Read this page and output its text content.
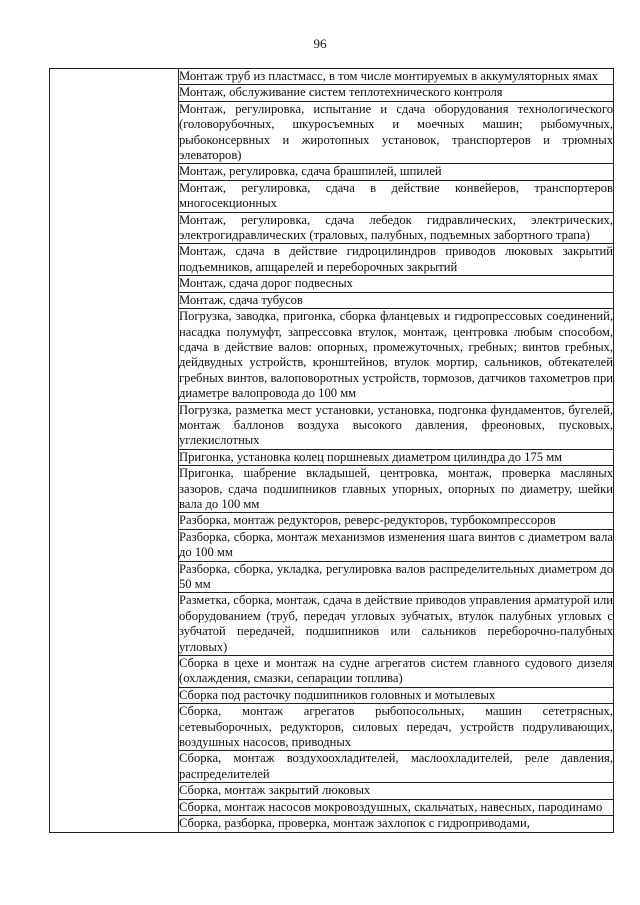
96
	Монтаж труб из пластмасс, в том числе монтируемых в аккумуляторных ямах
Монтаж, обслуживание систем теплотехнического контроля
Монтаж, регулировка, испытание и сдача оборудования технологического (головорубочных, шкуросъемных и моечных машин; рыбомучных, рыбоконсервных и жиротопных установок, транспортеров и трюмных элеваторов)
Монтаж, регулировка, сдача брашпилей, шпилей
Монтаж, регулировка, сдача в действие конвейеров, транспортеров многосекционных
Монтаж, регулировка, сдача лебедок гидравлических, электрических, электрогидравлических (траловых, палубных, подъемных забортного трапа)
Монтаж, сдача в действие гидроцилиндров приводов люковых закрытий подъемников, апщарелей и переборочных закрытий
Монтаж, сдача дорог подвесных
Монтаж, сдача тубусов
Погрузка, заводка, пригонка, сборка фланцевых и гидропрессовых соединений, насадка полумуфт, запрессовка втулок, монтаж, центровка любым способом, сдача в действие валов: опорных, промежуточных, гребных; винтов гребных, дейдвудных устройств, кронштейнов, втулок мортир, сальников, обтекателей гребных винтов, валоповоротных устройств, тормозов, датчиков тахометров при диаметре валопровода до 100 мм
Погрузка, разметка мест установки, установка, подгонка фундаментов, бугелей, монтаж баллонов воздуха высокого давления, фреоновых, пусковых, углекислотных
Пригонка, установка колец поршневых диаметром цилиндра до 175 мм
Пригонка, шабрение вкладышей, центровка, монтаж, проверка масляных зазоров, сдача подшипников главных упорных, опорных по диаметру, шейки вала до 100 мм
Разборка, монтаж редукторов, реверс-редукторов, турбокомпрессоров
Разборка, сборка, монтаж механизмов изменения шага винтов с диаметром вала до 100 мм
Разборка, сборка, укладка, регулировка валов распределительных диаметром до 50 мм
Разметка, сборка, монтаж, сдача в действие приводов управления арматурой или оборудованием (труб, передач угловых зубчатых, втулок палубных угловых с зубчатой передачей, подшипников или сальников переборочно-палубных угловых)
Сборка в цехе и монтаж на судне агрегатов систем главного судового дизеля (охлаждения, смазки, сепарации топлива)
Сборка под расточку подшипников головных и мотылевых
Сборка, монтаж агрегатов рыбопосольных, машин сететрясных, сетевыборочных, редукторов, силовых передач, устройств подруливающих, воздушных насосов, приводных
Сборка, монтаж воздухоохладителей, маслоохладителей, реле давления, распределителей
Сборка, монтаж закрытий люковых
Сборка, монтаж насосов мокровоздушных, скальчатых, навесных, пародинамо
Сборка, разборка, проверка, монтаж захлопок с гидроприводами,
